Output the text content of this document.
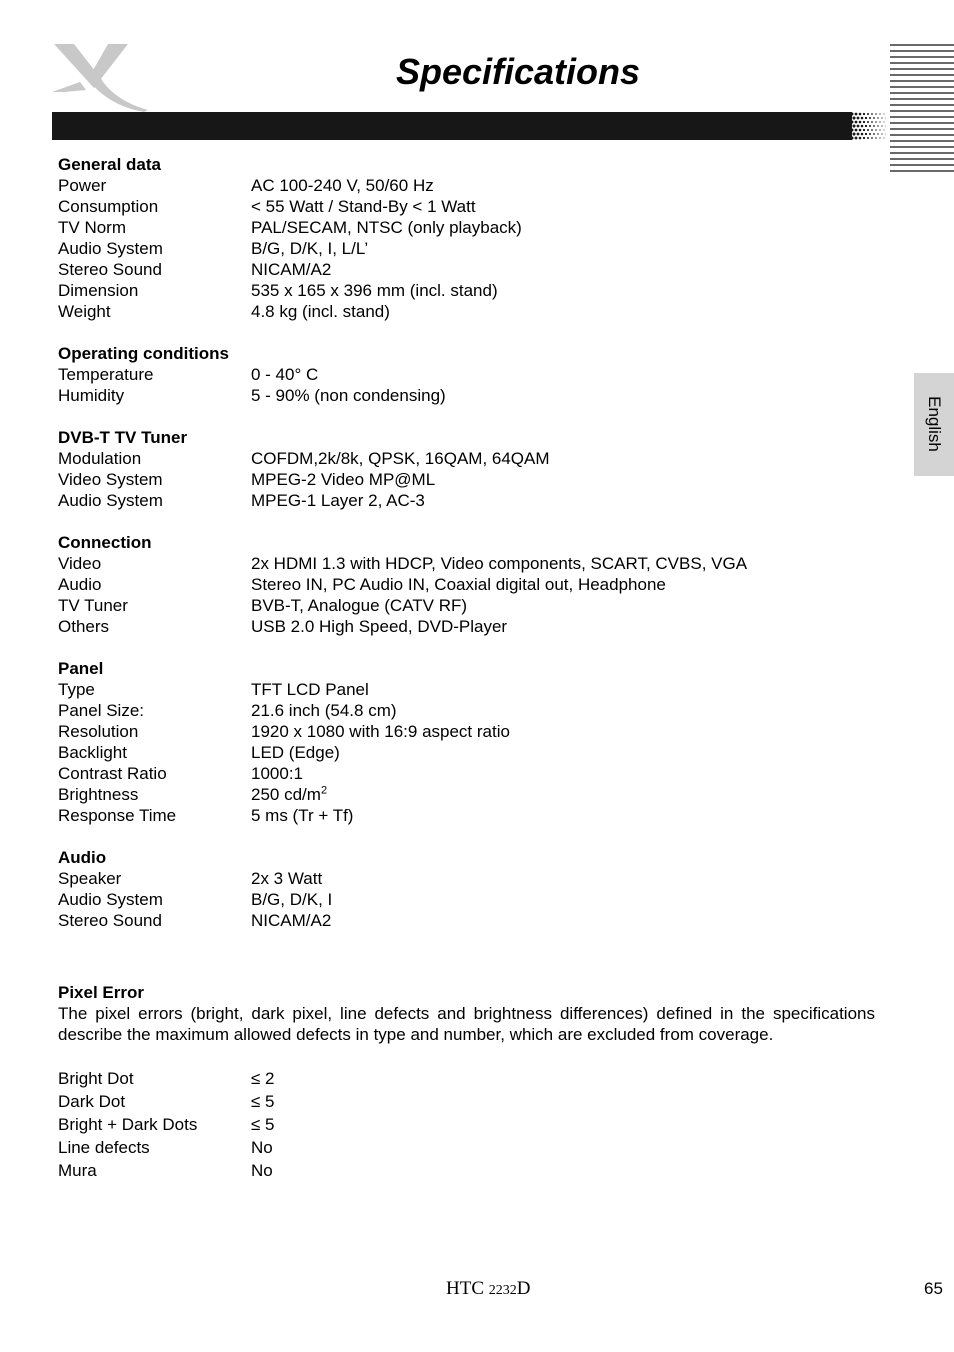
Specifications
English
General data
Power	AC 100-240 V, 50/60 Hz
Consumption	< 55 Watt / Stand-By < 1 Watt
TV Norm	PAL/SECAM, NTSC (only playback)
Audio System	B/G, D/K, I, L/L’
Stereo Sound	NICAM/A2
Dimension	535 x 165 x 396 mm (incl. stand)
Weight	4.8 kg (incl. stand)
Operating conditions
Temperature	0 - 40° C
Humidity	5 - 90% (non condensing)
DVB-T TV Tuner
Modulation	COFDM,2k/8k, QPSK, 16QAM, 64QAM
Video System	MPEG-2 Video MP@ML
Audio System	MPEG-1 Layer 2, AC-3
Connection
Video	2x HDMI 1.3 with HDCP, Video components, SCART, CVBS, VGA
Audio	Stereo IN, PC Audio IN, Coaxial digital out, Headphone
TV Tuner	BVB-T, Analogue (CATV RF)
Others	USB 2.0 High Speed, DVD-Player
Panel
Type	TFT LCD Panel
Panel Size:	21.6 inch (54.8 cm)
Resolution	1920 x 1080 with 16:9 aspect ratio
Backlight	LED (Edge)
Contrast Ratio	1000:1
Brightness	250 $cd/m^2$
Response Time	5 ms (Tr + Tf)
Audio
Speaker	2x 3 Watt
Audio System	B/G, D/K, I
Stereo Sound	NICAM/A2
Pixel Error
The pixel errors (bright, dark pixel, line defects and brightness differences) defined in the specifications describe the maximum allowed defects in type and number, which are excluded from coverage.
Bright Dot	≤ 2
Dark Dot	≤ 5
Bright + Dark Dots	≤ 5
Line defects	No
Mura	No
HTC 2232D	65
